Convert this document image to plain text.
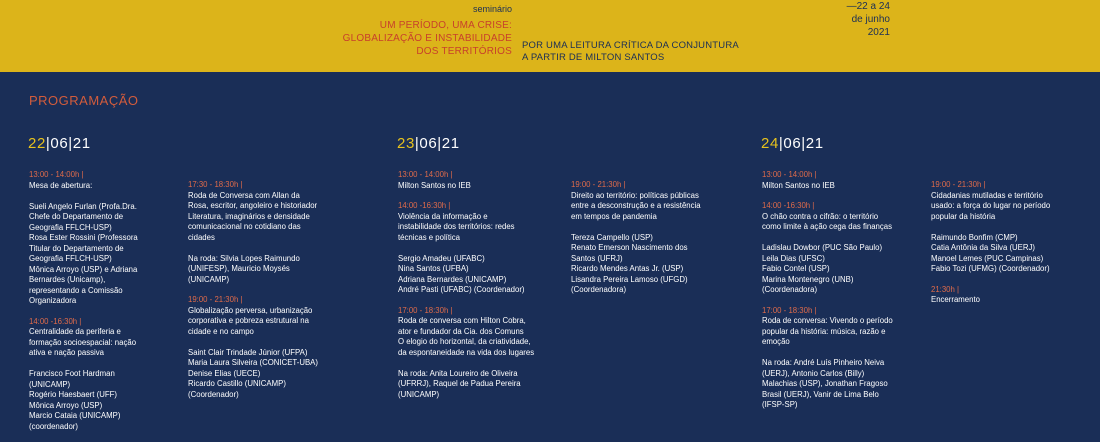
seminário
UM PERÍODO, UMA CRISE:
GLOBALIZAÇÃO E INSTABILIDADE
DOS TERRITÓRIOS
POR UMA LEITURA CRÍTICA DA CONJUNTURA
A PARTIR DE MILTON SANTOS
—22 a 24
de junho
2021
PROGRAMAÇÃO
22|06|21	23|06|21	24|06|21
13:00 - 14:00h |
Mesa de abertura:

Sueli Angelo Furlan (Profa.Dra.
Chefe do Departamento de
Geografia FFLCH-USP)
Rosa Ester Rossini (Professora
Titular do Departamento de
Geografia FFLCH-USP)
Mônica Arroyo (USP) e Adriana
Bernardes (Unicamp),
representando a Comissão
Organizadora
14:00 -16:30h |
Centralidade da periferia e
formação socioespacial: nação
ativa e nação passiva

Francisco Foot Hardman
(UNICAMP)
Rogério Haesbaert (UFF)
Mônica Arroyo (USP)
Marcio Cataia (UNICAMP)
(coordenador)
17:30 - 18:30h |
Roda de Conversa com Allan da
Rosa, escritor, angoleiro e historiador
Literatura, imaginários e densidade
comunicacional no cotidiano das
cidades

Na roda: Silvia Lopes Raimundo
(UNIFESP), Mauricio Moysés
(UNICAMP)
19:00 - 21:30h |
Globalização perversa, urbanização
corporativa e pobreza estrutural na
cidade e no campo

Saint Clair Trindade Júnior (UFPA)
Maria Laura Silveira (CONICET-UBA)
Denise Elias (UECE)
Ricardo Castillo (UNICAMP)
(Coordenador)
13:00 - 14:00h |
Milton Santos no IEB
14:00 -16:30h |
Violência da informação e
instabilidade dos territórios: redes
técnicas e política

Sergio Amadeu (UFABC)
Nina Santos (UFBA)
Adriana Bernardes (UNICAMP)
André Pasti (UFABC) (Coordenador)
17:00 - 18:30h |
Roda de conversa com Hilton Cobra,
ator e fundador da Cia. dos Comuns
O elogio do horizontal, da criatividade,
da espontaneidade na vida dos lugares

Na roda: Anita Loureiro de Oliveira
(UFRRJ), Raquel de Padua Pereira
(UNICAMP)
19:00 - 21:30h |
Direito ao território: políticas públicas
entre a desconstrução e a resistência
em tempos de pandemia

Tereza Campello (USP)
Renato Emerson Nascimento dos
Santos (UFRJ)
Ricardo Mendes Antas Jr. (USP)
Lisandra Pereira Lamoso (UFGD)
(Coordenadora)
13:00 - 14:00h |
Milton Santos no IEB
14:00 -16:30h |
O chão contra o cifrão: o território
como limite à ação cega das finanças

Ladislau Dowbor (PUC São Paulo)
Leila Dias (UFSC)
Fabio Contel (USP)
Marina Montenegro (UNB)
(Coordenadora)
17:00 - 18:30h |
Roda de conversa: Vivendo o período
popular da história: música, razão e
emoção

Na roda: André Luís Pinheiro Neiva
(UERJ), Antonio Carlos (Billy)
Malachias (USP), Jonathan Fragoso
Brasil (UERJ), Vanir de Lima Belo
(IFSP-SP)
19:00 - 21:30h |
Cidadanias mutiladas e território
usado: a força do lugar no período
popular da história

Raimundo Bonfim (CMP)
Catia Antônia da Silva (UERJ)
Manoel Lemes (PUC Campinas)
Fabio Tozi (UFMG) (Coordenador)
21:30h |
Encerramento
